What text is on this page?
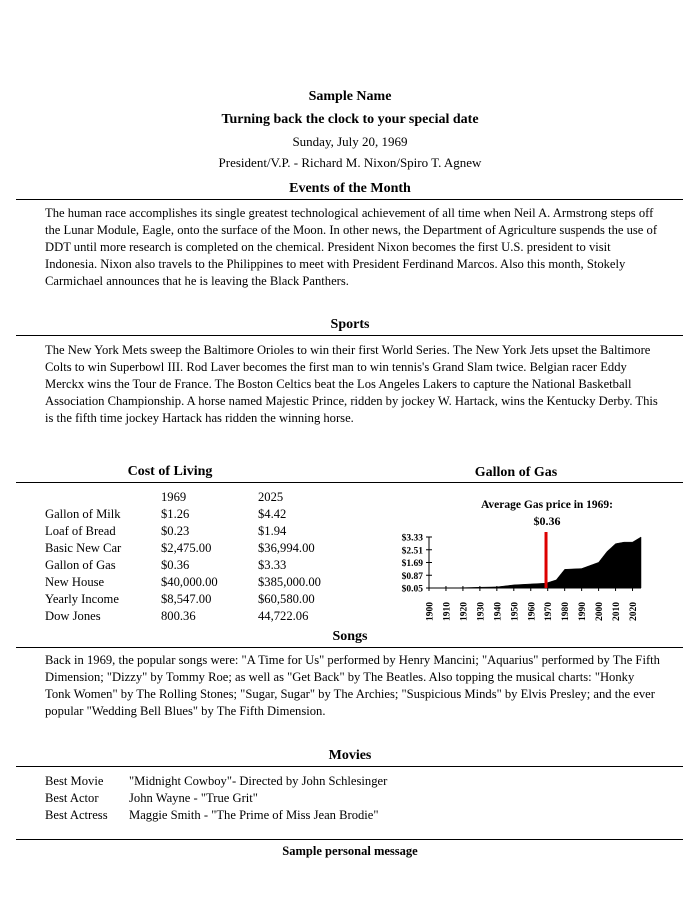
Sample Name
Turning back the clock to your special date
Sunday, July 20, 1969
President/V.P. - Richard M. Nixon/Spiro T. Agnew
Events of the Month
The human race accomplishes its single greatest technological achievement of all time when Neil A. Armstrong steps off the Lunar Module, Eagle, onto the surface of the Moon. In other news, the Department of Agriculture suspends the use of DDT until more research is completed on the chemical. President Nixon becomes the first U.S. president to visit Indonesia. Nixon also travels to the Philippines to meet with President Ferdinand Marcos. Also this month, Stokely Carmichael announces that he is leaving the Black Panthers.
Sports
The New York Mets sweep the Baltimore Orioles to win their first World Series. The New York Jets upset the Baltimore Colts to win Superbowl III. Rod Laver becomes the first man to win tennis's Grand Slam twice. Belgian racer Eddy Merckx wins the Tour de France. The Boston Celtics beat the Los Angeles Lakers to capture the National Basketball Association Championship. A horse named Majestic Prince, ridden by jockey W. Hartack, wins the Kentucky Derby. This is the fifth time jockey Hartack has ridden the winning horse.
Cost of Living	Gallon of Gas
1969	2025
Gallon of Milk	$1.26	$4.42
Loaf of Bread	$0.23	$1.94
Basic New Car	$2,475.00	$36,994.00
Gallon of Gas	$0.36	$3.33
New House	$40,000.00	$385,000.00
Yearly Income	$8,547.00	$60,580.00
Dow Jones	800.36	44,722.06
Average Gas price in 1969:
$0.36
$0.05
$0.87
$1.69
$2.51
$3.33
1900 1910 1920 1930 1940 1950 1960 1970 1980 1990 2000 2010 2020
Songs
Back in 1969, the popular songs were: "A Time for Us" performed by Henry Mancini; "Aquarius" performed by The Fifth Dimension; "Dizzy" by Tommy Roe; as well as "Get Back" by The Beatles. Also topping the musical charts: "Honky Tonk Women" by The Rolling Stones; "Sugar, Sugar" by The Archies; "Suspicious Minds" by Elvis Presley; and the ever popular "Wedding Bell Blues" by The Fifth Dimension.
Movies
Best Movie	"Midnight Cowboy"- Directed by John Schlesinger
Best Actor	John Wayne - "True Grit"
Best Actress	Maggie Smith - "The Prime of Miss Jean Brodie"
Sample personal message
